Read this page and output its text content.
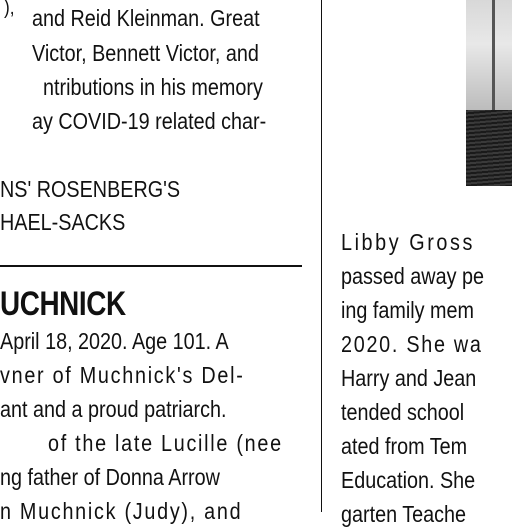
), and Reid Kleinman. Great
Victor, Bennett Victor, and
ntributions in his memory
ay COVID-19 related char-
NS' ROSENBERG'S
HAEL-SACKS
UCHNICK
April 18, 2020. Age 101. A
vner of Muchnick's Del-
ant and a proud patriarch.
of the late Lucille (nee
ng father of Donna Arrow
n Muchnick (Judy), and
Libby Gross
passed away pe
ing family mem
2020. She wa
Harry and Jean
tended school
ated from Tem
Education. She
garten Teache
